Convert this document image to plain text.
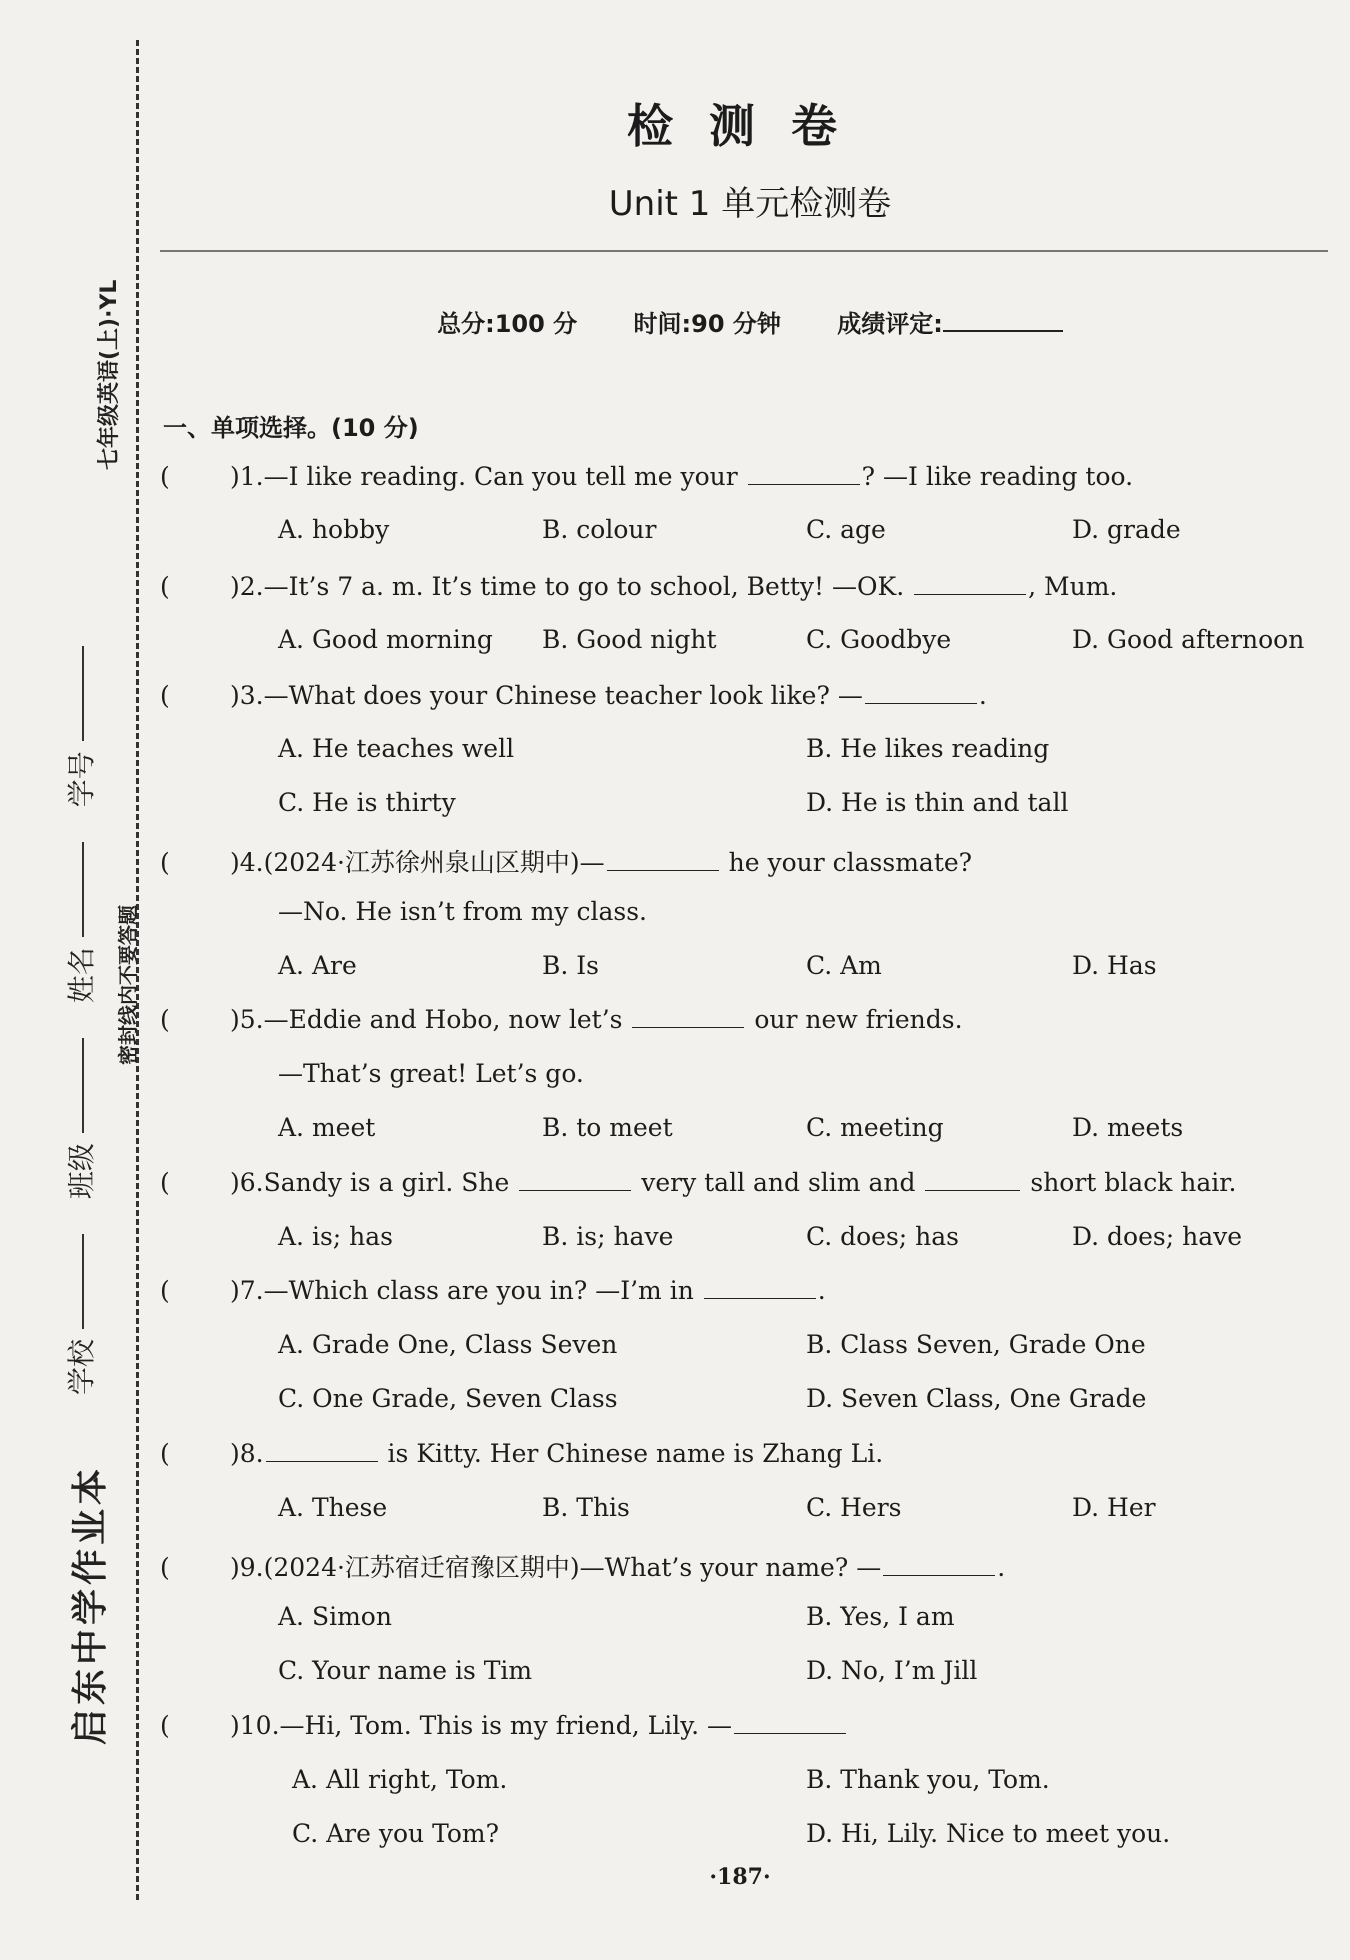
七年级英语(上)·YL
密封线内不要答题
学校 班级 姓名 学号
启东中学作业本
检测卷
Unit 1 单元检测卷
总分:100 分 时间:90 分钟 成绩评定:
一、单项选择。(10 分)
( )1.—I like reading. Can you tell me your	? —I like reading too.
A. hobby	B. colour	C. age	D. grade
( )2.—It’s 7 a. m. It’s time to go to school, Betty! —OK.	, Mum.
A. Good morning B. Good night	C. Goodbye	D. Good afternoon
( )3.—What does your Chinese teacher look like? —	.
A. He teaches well	B. He likes reading
C. He is thirty	D. He is thin and tall
( )4.(2024·江苏徐州泉山区期中)—	he your classmate?
—No. He isn’t from my class.
A. Are	B. Is	C. Am	D. Has
( )5.—Eddie and Hobo, now let’s	our new friends.
—That’s great! Let’s go.
A. meet	B. to meet	C. meeting	D. meets
( )6.Sandy is a girl. She	very tall and slim and	short black hair.
A. is; has	B. is; have	C. does; has	D. does; have
( )7.—Which class are you in? —I’m in	.
A. Grade One, Class Seven	B. Class Seven, Grade One
C. One Grade, Seven Class	D. Seven Class, One Grade
( )8.	is Kitty. Her Chinese name is Zhang Li.
A. These	B. This	C. Hers	D. Her
( )9.(2024·江苏宿迁宿豫区期中)—What’s your name? —	.
A. Simon	B. Yes, I am
C. Your name is Tim	D. No, I’m Jill
( )10.—Hi, Tom. This is my friend, Lily. —
A. All right, Tom.	B. Thank you, Tom.
C. Are you Tom?	D. Hi, Lily. Nice to meet you.
·187·
